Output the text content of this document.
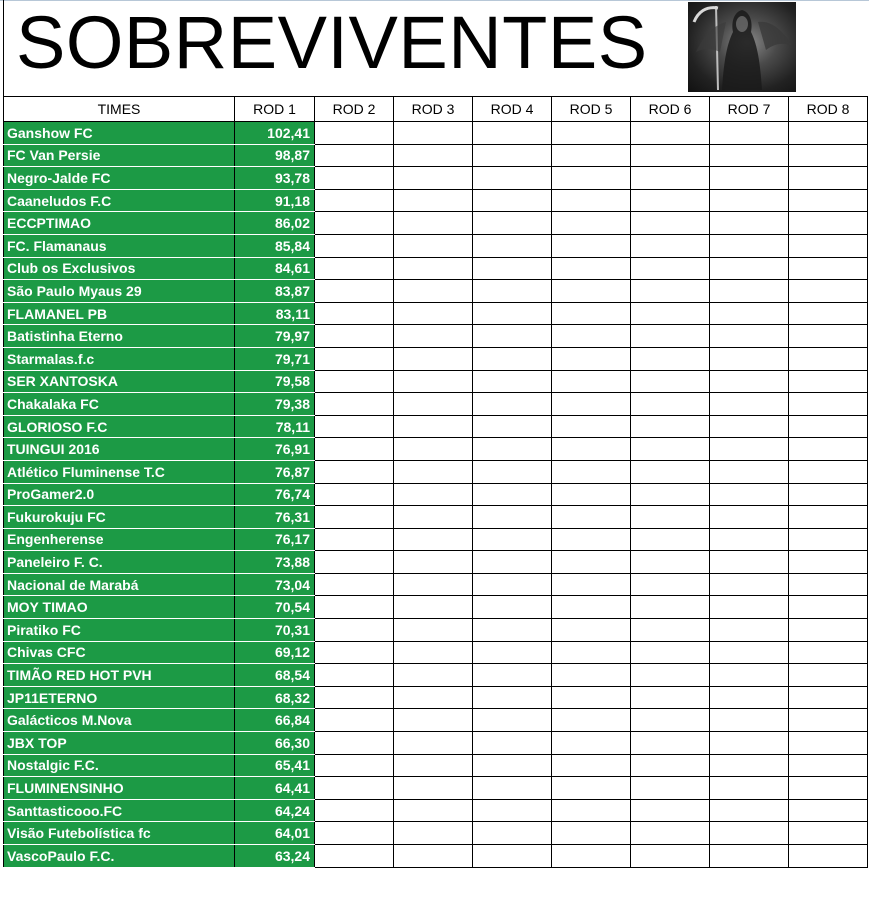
SOBREVIVENTES
TIMES	ROD 1	ROD 2	ROD 3	ROD 4	ROD 5	ROD 6	ROD 7	ROD 8
Ganshow FC	102,41							
FC Van Persie	98,87							
Negro-Jalde FC	93,78							
Caaneludos F.C	91,18							
ECCPTIMAO	86,02							
FC. Flamanaus	85,84							
Club os Exclusivos	84,61							
São Paulo Myaus 29	83,87							
FLAMANEL PB	83,11							
Batistinha Eterno	79,97							
Starmalas.f.c	79,71							
SER XANTOSKA	79,58							
Chakalaka FC	79,38							
GLORIOSO F.C	78,11							
TUINGUI 2016	76,91							
Atlético Fluminense T.C	76,87							
ProGamer2.0	76,74							
Fukurokuju FC	76,31							
Engenherense	76,17							
Paneleiro F. C.	73,88							
Nacional de Marabá	73,04							
MOY TIMAO	70,54							
Piratiko FC	70,31							
Chivas CFC	69,12							
TIMÃO RED HOT PVH	68,54							
JP11ETERNO	68,32							
Galácticos M.Nova	66,84							
JBX TOP	66,30							
Nostalgic F.C.	65,41							
FLUMINENSINHO	64,41							
Santtasticooo.FC	64,24							
Visão Futebolística fc	64,01							
VascoPaulo F.C.	63,24							
